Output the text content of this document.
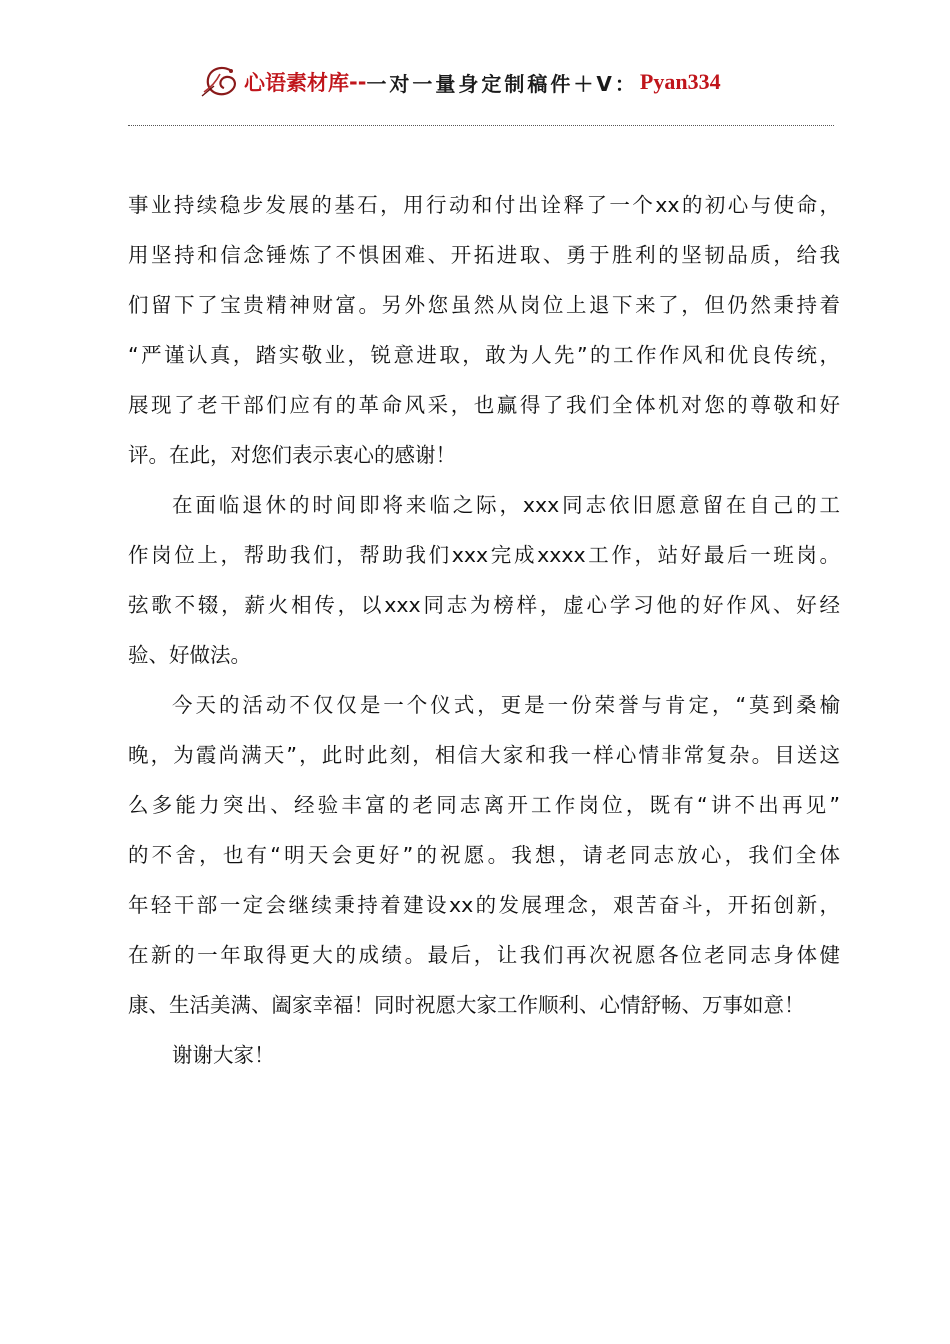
心语素材库 -- 一对一量身定制稿件＋V： Pyan334
事业持续稳步发展的基石，用行动和付出诠释了一个xx的初心与使命，
用坚持和信念锤炼了不惧困难、开拓进取、勇于胜利的坚韧品质，给我
们留下了宝贵精神财富。另外您虽然从岗位上退下来了，但仍然秉持着
“严谨认真，踏实敬业，锐意进取，敢为人先”的工作作风和优良传统，
展现了老干部们应有的革命风采，也赢得了我们全体机对您的尊敬和好
评。在此，对您们表示衷心的感谢！
在面临退休的时间即将来临之际，xxx同志依旧愿意留在自己的工
作岗位上，帮助我们，帮助我们xxx完成xxxx工作，站好最后一班岗。
弦歌不辍，薪火相传，以xxx同志为榜样，虚心学习他的好作风、好经
验、好做法。
今天的活动不仅仅是一个仪式，更是一份荣誉与肯定，“莫到桑榆
晚，为霞尚满天”，此时此刻，相信大家和我一样心情非常复杂。目送这
么多能力突出、经验丰富的老同志离开工作岗位，既有“讲不出再见”
的不舍，也有“明天会更好”的祝愿。我想，请老同志放心，我们全体
年轻干部一定会继续秉持着建设xx的发展理念，艰苦奋斗，开拓创新，
在新的一年取得更大的成绩。最后，让我们再次祝愿各位老同志身体健
康、生活美满、阖家幸福！同时祝愿大家工作顺利、心情舒畅、万事如意！
谢谢大家！
